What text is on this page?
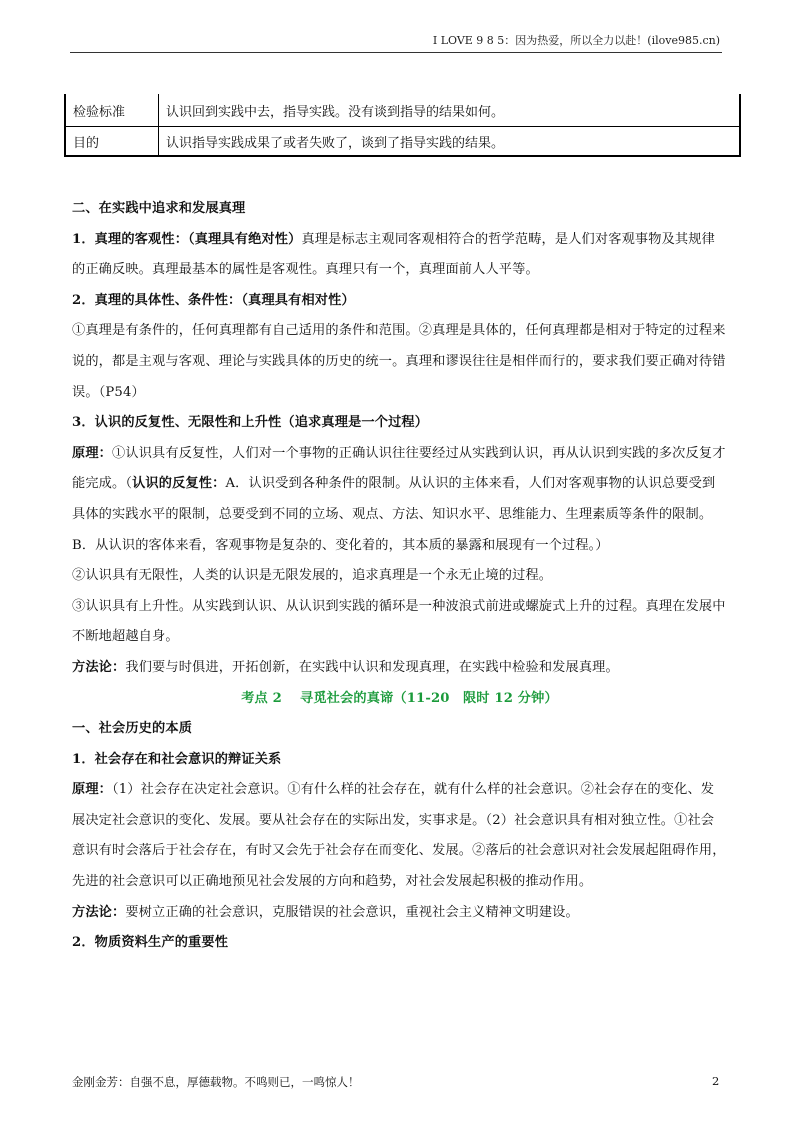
I LOVE 9 8 5：因为热爱，所以全力以赴！(ilove985.cn)
检验标准	认识回到实践中去，指导实践。没有谈到指导的结果如何。
目的	认识指导实践成果了或者失败了，谈到了指导实践的结果。

二、在实践中追求和发展真理

1．真理的客观性：（真理具有绝对性）真理是标志主观同客观相符合的哲学范畴，是人们对客观事物及其规律的正确反映。真理最基本的属性是客观性。真理只有一个，真理面前人人平等。

2．真理的具体性、条件性：（真理具有相对性）

①真理是有条件的，任何真理都有自己适用的条件和范围。②真理是具体的，任何真理都是相对于特定的过程来说的，都是主观与客观、理论与实践具体的历史的统一。真理和谬误往往是相伴而行的，要求我们要正确对待错误。（P54）

3．认识的反复性、无限性和上升性（追求真理是一个过程）

原理：①认识具有反复性，人们对一个事物的正确认识往往要经过从实践到认识，再从认识到实践的多次反复才能完成。（认识的反复性：A．认识受到各种条件的限制。从认识的主体来看，人们对客观事物的认识总要受到具体的实践水平的限制，总要受到不同的立场、观点、方法、知识水平、思维能力、生理素质等条件的限制。B．从认识的客体来看，客观事物是复杂的、变化着的，其本质的暴露和展现有一个过程。）

②认识具有无限性，人类的认识是无限发展的，追求真理是一个永无止境的过程。

③认识具有上升性。从实践到认识、从认识到实践的循环是一种波浪式前进或螺旋式上升的过程。真理在发展中不断地超越自身。

方法论：我们要与时俱进，开拓创新，在实践中认识和发现真理，在实践中检验和发展真理。

考点 2　 寻觅社会的真谛（11-20　限时 12 分钟）

一、社会历史的本质

1．社会存在和社会意识的辩证关系

原理：（1）社会存在决定社会意识。①有什么样的社会存在，就有什么样的社会意识。②社会存在的变化、发展决定社会意识的变化、发展。要从社会存在的实际出发，实事求是。（2）社会意识具有相对独立性。①社会意识有时会落后于社会存在，有时又会先于社会存在而变化、发展。②落后的社会意识对社会发展起阻碍作用，先进的社会意识可以正确地预见社会发展的方向和趋势，对社会发展起积极的推动作用。

方法论：要树立正确的社会意识，克服错误的社会意识，重视社会主义精神文明建设。

2．物质资料生产的重要性

金刚金芳：自强不息，厚德载物。不鸣则已，一鸣惊人！	2
